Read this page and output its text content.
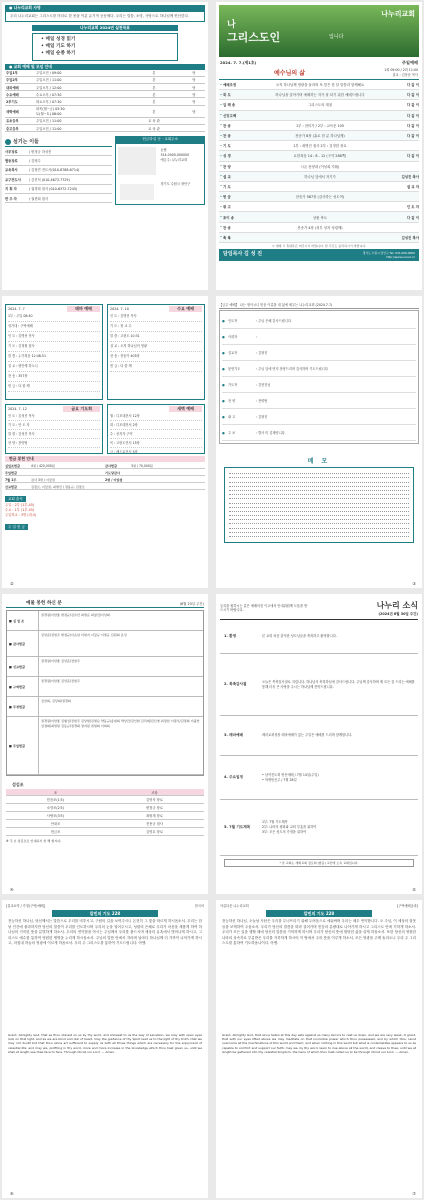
● 나누리교회 사명
우리 나누리교회는 그리스도를 머리로 한 몸을 이룬 유기적 공동체다. 우리는 말씀, 소망, 사랑으로 하나님께 헌신한다.
나누리교회 2024년 실천목표
• 매일 성경 읽기
• 매일 기도 하기
• 매일 순종 하기
● 교회 예배 및 모임 안내
주일1부	주일오전 / 09:00	본	당
주일2부	주일오전 / 11:00	본	당
대외예배	주일오후 / 12:00	본	당
수요예배	수요오후 / 07:30	본	당
2부기도	화요오후 / 07:30	본	당
새벽예배	화목(월~금) 05:30
토(월~토) 06:00	본	당
유초등부	주일오전 / 11:00	교 육 관	
중고등부	주일오전 / 11:00	교 육 관	
섬기는 이들
사무장로	/ 변정규 하상진
협동장로	/ 김영수
교육목사	/ 김형진 전도사(010-8788-6714)
교구전도사	/ 김진석 (010-4673-7729)
지 휘 자	/ 권경희 집사 (010-6372-7245)
반 주 자	/ 권현희 집사
헌금하실 곳 · 교회주소
농협
314-0000-000000
예금주: 나누리교회
경기도 수원시 장안구
나누리교회
나
그리스도인	입니다
2024. 7. 7.(제1호)	주일예배
예수님의 삶	1회 09:00 / 2회 11:00
설교 : 김상문 목사
• 예배조정	오직 하나님께 영광을 돌리며 또 맞은 한 달 말씀과 함께해요	다 같 이
• 묵 도	하나님을 알아가며 예배하는 자가 잘 되기 위한 예배드립니다	다 같 이
• 입 례 송	그리스도의 계절	다 같 이
• 신앙고백	다 같 이
• 찬 송	1부 : 찬미가 / 2부 : 교독문 105	다 같 이
• 찬 송	찬송가 8장 (홀로 한 분 하나님께)	다 같 이
• 기 도	1부 : 최병진 집사 2부 : 김정한 장로
• 성 경	요한복음 14 : 8 - 12 (구약 288쪽)	다 같 이
• 찬 양	시온 찬양대 (이성희 지휘)
• 설 교	하나님 앞에서 자기가	김성진 목사
• 기 도	설 교 자
• 헌 금	찬송가 587장 (감사하는 성도여)
• 광 고	인 도 자
• 포이 송	상원 축도	다 같 이
• 찬 송	찬송가 4장 (성부 성자 성령께)
• 축 복	김성진 목사
＊ 예배 시 휴대폰은 꺼주시기 바랍니다. 한 주간도 승리하시기 바랍니다.
담임목사 김 성 진	경기도 수원시 장안구 Tel. 031-000-0000
http://www.nanuri.kr
2024. 7. 7	테마 예배
1부 : 주일 08:40
성가대 : 구역예배
인 도 : 김명선 목사
기 도 : 김정원 집사
말 씀 : 누가복음 12:48-51
설 교 : 평안케 하노니
찬 송 : 357장
헌 금 : 다 함 께
2024. 7. 10	수요 예배
인 도 : 김명선 목사
기 도 : 장 교 수
말 씀 : 고린도 10:31
설 교 : 오직 하나님의 영광
찬 송 : 찬송가 405장
헌 금 : 다 함 께
2024. 7. 12	금요 기도회
인 도 : 김성진 목사
기 도 : 안 도 자
말 씀 : 김성진 목사
찬 양 : 찬양팀
새벽 예배
월 : 디모데전서 12장
화 : 디모데전서 2장
수 : 선지자 구약
목 : 고린도전서 15장
금 : 베드로전서 5장
헌금 봉헌 안내
십일조헌금	4명 / 420,000원	감사헌금	3명 / 70,000원
주일헌금	기도당감사
7월 1주	감사 3명 / 이랑결	2명 / 이랑결
선교헌금	김장로, 이랑결, 최병진 / 정용규, 김장로
교회 출석
주일 : 2부 (1부-45)
수요 : 1부 (1부-45)
주일학교 : 3명 (대-5)
주 일 헌 금
②
【금주 예배】 나는 영이시니 믿음 이름을 내 삶에 세우는 나누리교회 (2024.7.7)
●	인도자	: 주님 은혜 감사드립니다
●	사회자	:
●	설교자	: 김형진
●	봉헌기도	: 주님 앞에 먼저 찬양드리며 감사하며 기도드립니다
●	기도자	: 김현진님
●	찬 양	: 찬양팀
●	광 고	: 김형진
●	주 보	: 별사 미 김재양니다
메 모
③
예물 봉헌 하신 분	(6월 23일 주간)
■ 십 일 조
권경필/이한종 변정규/김수산 최명순 최창진/이상희
■ 감사헌금
김상준/전현주 변정규/이순남 서현지 이랑규 이명규 김원희 문성
■ 선교헌금
권경필/이한종 김상준/전현주
■ 구역헌금
권경필/이한종 김상준/전현주
■ 주정헌금
김선희, 김상희/권경희
■ 주일헌금
권경필/이한종 김형성/전현주 김상현/김명순 박동규/송현희 박상진/김인환 김덕재/김신영 최정임 이정우/김정희 이광찬 김정희/최영란 김동규/권경희 정지원 권현희 이의희
섬김조
조	조장
믿음조(1조)	김영석 장로
소망조(2조)	변정규 장로
사랑조(3조)	최원재 장로
안내조	전용규 집사
헌금조	김영호 장로
※ 주 보 섬김조로 안내하시 한 해 합시다.
④
등록을 원하시는 분은 예배마친 이고에서 안내위원께 도움을 받으시기 바랍니다.	나누리 소식
(2024년 6월 30일 주간)
1. 환영	본 교회 처음 출석한 성도님들을 축복하고 환영합니다.
2. 목축감사절
오늘은 목축감사절로 지킵니다. 하나님의 축복하심에 감사드립니다. 주님께 감사하며 제 모든 것 드리는 예배를 통해 더욱 큰 사랑을 주시는 하나님께 찬양드립니다.
3. 레마예배	레마교회성장 레마예배가 있는 주일은 예배를 드리며 함께합니다.
4. 주요일정
• 남여전도회 헌신예배 / 7월 14일(주일)
• 학생헌신주 / 7월 28일
5. 7월 기도제목
1부: 7월 기도제목
2부: 나라의 평화와 교회 부흥을 위하여
3부: 모든 성도의 가정을 위하여
* 본 교회는 개혁교회 장로회 (합동) 교단에 소속 교회입니다.
⑤
[설교요약 / 가정(구역)예배]	한국어
칼빈의 기도 228
전능하신 하나님, 당신께서는 말씀으로 우리를 비추시고, 구원의 길을 보여주시니 온전히 그 빛을 따르게 하시옵소서. 우리는 한낱 인간에 불과하지만 당신의 말씀이 우리를 인도하시며 우리의 눈을 열어주시고, 성령의 은혜로 우리가 마음을 새롭게 하여 하나님의 거룩한 뜻을 분별하게 하소서. 우리의 연약함을 아시는 주님께서 우리를 붙드시며 세상의 유혹에서 벗어나게 하시고, 그리스도 예수를 통하여 영원한 생명을 누리게 하시옵소서. 주님의 말씀 안에서 자라며 날마다 하나님께 더 가까이 나아가게 하시고, 마침내 하늘의 영광에 이르게 하옵소서. 우리 주 그리스도를 통하여 기도드립니다. 아멘.
Grant, Almighty God, that as thou shinest on us by thy word, and showest to us the way of salvation, we may with open eyes look on that light, and as we are blind and dull of heart, may the guidance of thy Spirit lead us to the light of thy truth, that we may not doubt but that thou alone art sufficient to supply us with all those things which are necessary for the enjoyment of celestial life; and may we, profiting in thy word, more and more increase in the knowledge which thou hast given us, until we shall at length see thee face to face. Through Christ our Lord. — Amen.
⑥
아름다운 나누리교회	[구역예배공과]
칼빈의 기도 228
전능하신 하나님, 오늘날 사탄은 우리를 무너뜨리기 위해 두려움으로 에워싸며 우리는 매우 연약합니다. 오 주님, 이 세상의 잘못들을 보게하여 주옵소서. 우리가 당신의 말씀을 따라 걸어가며 믿음의 분량대로 나아가게 하시고 그리스도 안에 거하게 하소서. 우리가 모든 일을 행할 때에 당신의 말씀을 기억하게 하시며 우리가 당신의 뜻에 합당한 삶을 살게 하옵소서. 또한 당신의 영원한 나라의 상속자로 부름받은 우리를 거룩하게 하시어 이 땅에서 주의 뜻을 이루게 하소서. 모든 영광을 주께 돌리오니 우리 주 그리스도를 통하여 기도하옵나이다. 아멘.
Grant, Almighty God, that since Satan at this day sets against us many terrors to cast us down, and we are very weak, O grant, that with our eyes lifted above we may meditate on that invincible power which thou possessest, and by which thou canst overcome all the machinations of this world and them; and when nothing in this world but what is contemptible appears to us as capable to comfort and support our faith, may we, by thy word, learn to rise above all the world, and cleave to thee; until we at length be gathered into thy celestial kingdom, the heirs of which thou hast called us to be through Christ our Lord. — Amen.
⑦
